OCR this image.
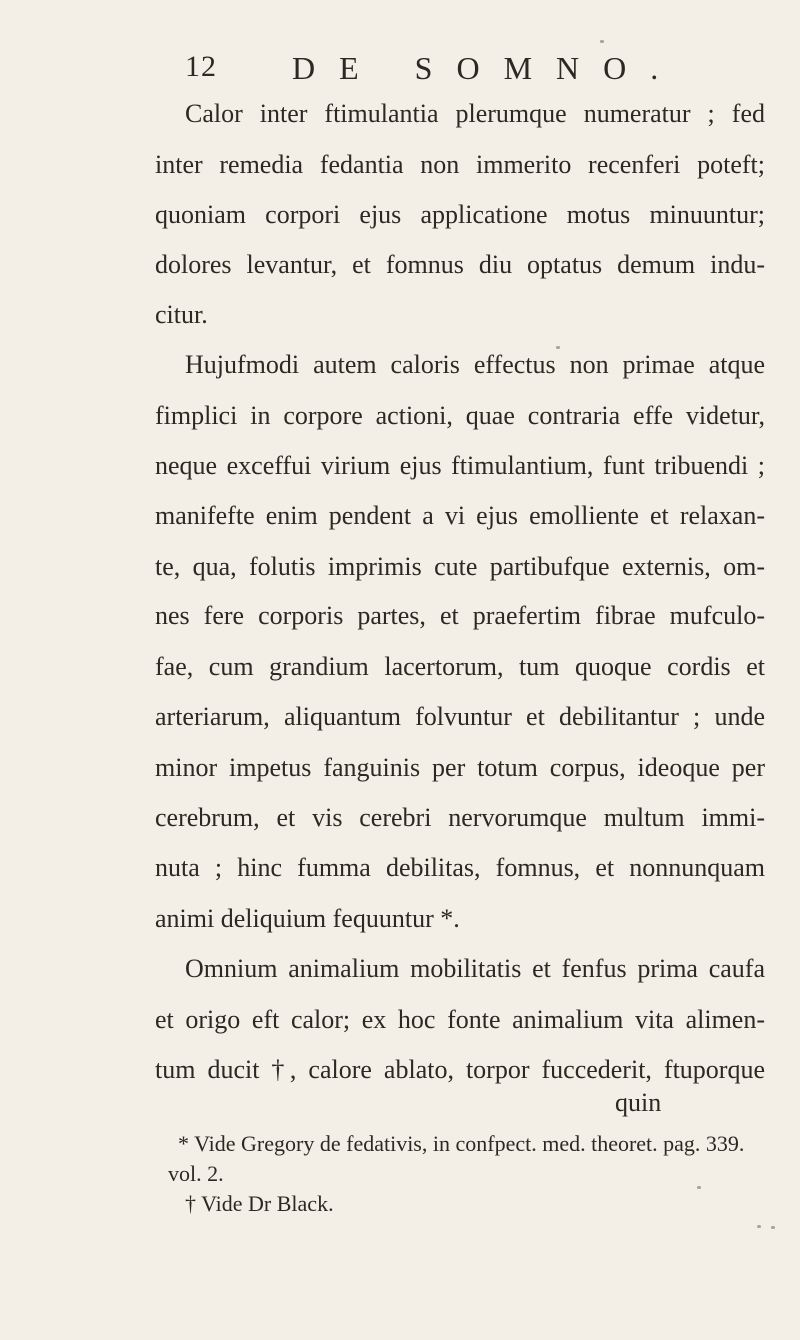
12 DE SOMNO.
Calor inter ftimulantia plerumque numeratur ; fed
inter remedia fedantia non immerito recenferi poteft;
quoniam corpori ejus applicatione motus minuuntur;
dolores levantur, et fomnus diu optatus demum indu-
citur.
Hujufmodi autem caloris effectus non primae atque
fimplici in corpore actioni, quae contraria effe videtur,
neque exceffui virium ejus ftimulantium, funt tribuendi ;
manifefte enim pendent a vi ejus emolliente et relaxan-
te, qua, folutis imprimis cute partibufque externis, om-
nes fere corporis partes, et praefertim fibrae mufculo-
fae, cum grandium lacertorum, tum quoque cordis et
arteriarum, aliquantum folvuntur et debilitantur ; unde
minor impetus fanguinis per totum corpus, ideoque per
cerebrum, et vis cerebri nervorumque multum immi-
nuta ; hinc fumma debilitas, fomnus, et nonnunquam
animi deliquium fequuntur *.
Omnium animalium mobilitatis et fenfus prima caufa
et origo eft calor; ex hoc fonte animalium vita alimen-
tum ducit †, calore ablato, torpor fuccederit, ftuporque
quin
* Vide Gregory de fedativis, in confpect. med. theoret. pag. 339.
† Vide Dr Black.
vol. 2.
